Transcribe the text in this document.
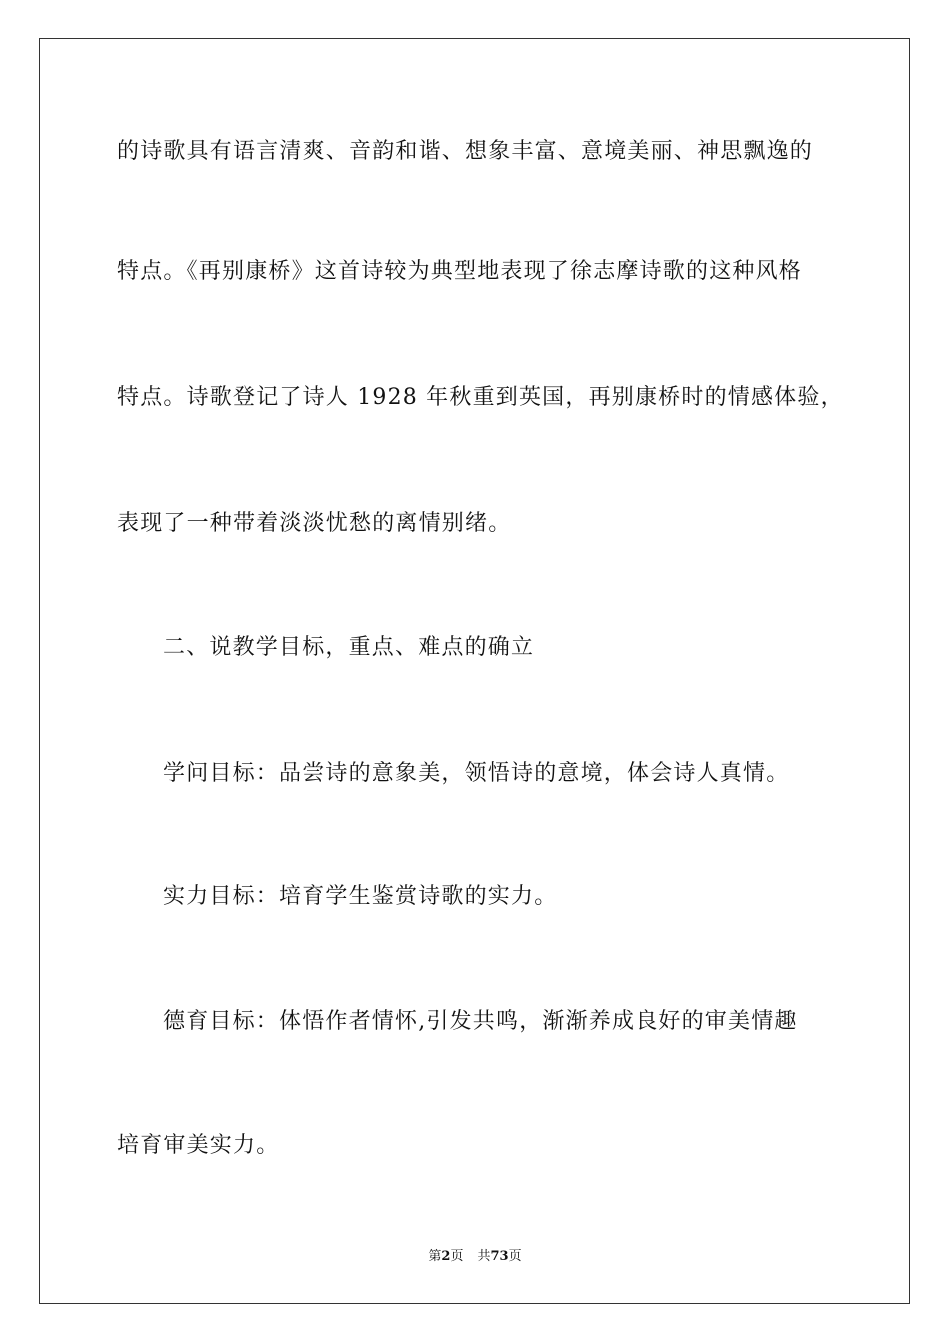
的诗歌具有语言清爽、音韵和谐、想象丰富、意境美丽、神思飘逸的
特点。《再别康桥》这首诗较为典型地表现了徐志摩诗歌的这种风格
特点。诗歌登记了诗人 1928 年秋重到英国，再别康桥时的情感体验，
表现了一种带着淡淡忧愁的离情别绪。
二、说教学目标，重点、难点的确立
学问目标：品尝诗的意象美，领悟诗的意境，体会诗人真情。
实力目标：培育学生鉴赏诗歌的实力。
德育目标：体悟作者情怀,引发共鸣，渐渐养成良好的审美情趣
培育审美实力。
第2页 共73页
